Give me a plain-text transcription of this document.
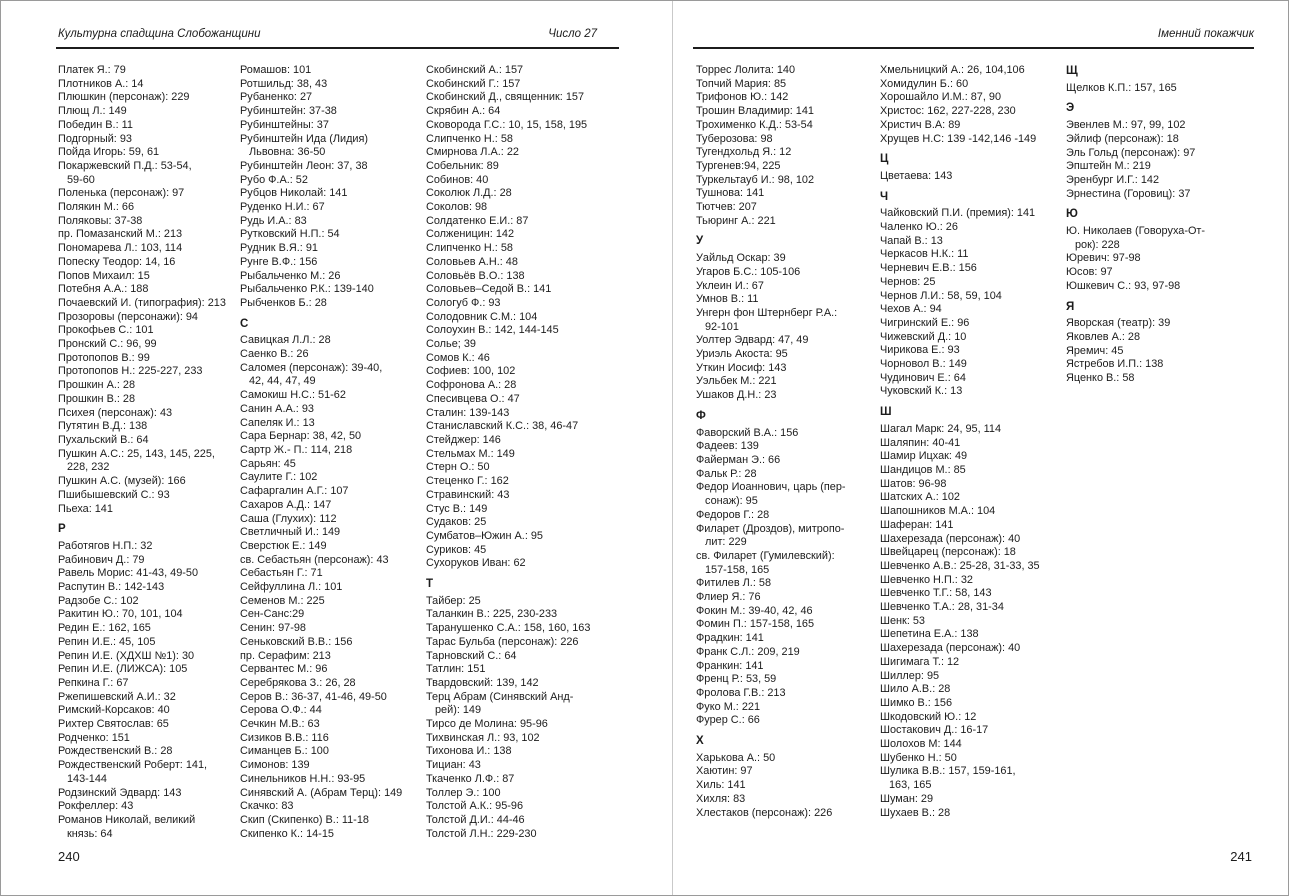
Культурна спадщина Слобожанщини	Число 27	Іменний покажчик
Платек Я.: 79
Плотников А.: 14
Плюшкин (персонаж): 229
Плющ Л.: 149
Победин В.: 11
Подгорный: 93
Пойда Игорь: 59, 61
Покаржевский П.Д.: 53-54,
59-60
Поленька (персонаж): 97
Полякин М.: 66
Поляковы: 37-38
пр. Помазанский М.: 213
Пономарева Л.: 103, 114
Попеску Теодор: 14, 16
Попов Михаил: 15
Потебня А.А.: 188
Почаевский И. (типография): 213
Прозоровы (персонажи): 94
Прокофьев С.: 101
Пронский С.: 96, 99
Протопопов В.: 99
Протопопов Н.: 225-227, 233
Прошкин А.: 28
Прошкин В.: 28
Психея (персонаж): 43
Путятин В.Д.: 138
Пухальский В.: 64
Пушкин А.С.: 25, 143, 145, 225,
228, 232
Пушкин А.С. (музей): 166
Пшибышевский С.: 93
Пьеха: 141
Р
Работягов Н.П.: 32
Рабинович Д.: 79
Равель Морис: 41-43, 49-50
Распутин В.: 142-143
Радзобе С.: 102
Ракитин Ю.: 70, 101, 104
Редин Е.: 162, 165
Репин И.Е.: 45, 105
Репин И.Е. (ХДХШ №1): 30
Репин И.Е. (ЛИЖСА): 105
Репкина Г.: 67
Ржепишевский А.И.: 32
Римский-Корсаков: 40
Рихтер Святослав: 65
Родченко: 151
Рождественский В.: 28
Рождественский Роберт: 141,
143-144
Родзинский Эдвард: 143
Рокфеллер: 43
Романов Николай, великий
князь: 64
Ромашов: 101
Ротшильд: 38, 43
Рубаненко: 27
Рубинштейн: 37-38
Рубинштейны: 37
Рубинштейн Ида (Лидия)
Львовна: 36-50
Рубинштейн Леон: 37, 38
Рубо Ф.А.: 52
Рубцов Николай: 141
Руденко Н.И.: 67
Рудь И.А.: 83
Рутковский Н.П.: 54
Рудник В.Я.: 91
Рунге В.Ф.: 156
Рыбальченко М.: 26
Рыбальченко Р.К.: 139-140
Рыбченков Б.: 28
С
Савицкая Л.Л.: 28
Саенко В.: 26
Саломея (персонаж): 39-40,
42, 44, 47, 49
Самокиш Н.С.: 51-62
Санин А.А.: 93
Сапеляк И.: 13
Сара Бернар: 38, 42, 50
Сартр Ж.- П.: 114, 218
Сарьян: 45
Саулите Г.: 102
Сафаргалин А.Г.: 107
Сахаров А.Д.: 147
Саша (Глухих): 112
Светличный И.: 149
Сверстюк Е.: 149
св. Себастьян (персонаж): 43
Себастьян Г.: 71
Сейфуллина Л.: 101
Семенов М.: 225
Сен-Санс:29
Сенин: 97-98
Сеньковский В.В.: 156
пр. Серафим: 213
Сервантес М.: 96
Серебрякова З.: 26, 28
Серов В.: 36-37, 41-46, 49-50
Серова О.Ф.: 44
Сечкин М.В.: 63
Сизиков В.В.: 116
Симанцев Б.: 100
Симонов: 139
Синельников Н.Н.: 93-95
Синявский А. (Абрам Терц): 149
Скачко: 83
Скип (Скипенко) В.: 11-18
Скипенко К.: 14-15
Скобинский А.: 157
Скобинский Г.: 157
Скобинский Д., священник: 157
Скрябин А.: 64
Сковорода Г.С.: 10, 15, 158, 195
Слипченко Н.: 58
Смирнова Л.А.: 22
Собельник: 89
Собинов: 40
Соколюк Л.Д.: 28
Соколов: 98
Солдатенко Е.И.: 87
Солженицин: 142
Слипченко Н.: 58
Соловьев А.Н.: 48
Соловьёв В.О.: 138
Соловьев–Седой В.: 141
Сологуб Ф.: 93
Солодовник С.М.: 104
Солоухин В.: 142, 144-145
Солье; 39
Сомов К.: 46
Софиев: 100, 102
Софронова А.: 28
Спесивцева О.: 47
Сталин: 139-143
Станиславский К.С.: 38, 46-47
Стейджер: 146
Стельмах М.: 149
Стерн О.: 50
Стеценко Г.: 162
Стравинский: 43
Стус В.: 149
Судаков: 25
Сумбатов–Южин А.: 95
Суриков: 45
Сухоруков Иван: 62
Т
Тайбер: 25
Таланкин В.: 225, 230-233
Таранушенко С.А.: 158, 160, 163
Тарас Бульба (персонаж): 226
Тарновский С.: 64
Татлин: 151
Твардовский: 139, 142
Терц Абрам (Синявский Анд-
рей): 149
Тирсо де Молина: 95-96
Тихвинская Л.: 93, 102
Тихонова И.: 138
Тициан: 43
Ткаченко Л.Ф.: 87
Толлер Э.: 100
Толстой А.К.: 95-96
Толстой Д.И.: 44-46
Толстой Л.Н.: 229-230
Торрес Лолита: 140
Топчий Мария: 85
Трифонов Ю.: 142
Трошин Владимир: 141
Трохименко К.Д.: 53-54
Туберозова: 98
Тугендхольд Я.: 12
Тургенев:94, 225
Туркельтауб И.: 98, 102
Тушнова: 141
Тютчев: 207
Тьюринг А.: 221
У
Уайльд Оскар: 39
Угаров Б.С.: 105-106
Уклеин И.: 67
Умнов В.: 11
Унгерн фон Штернберг Р.А.:
92-101
Уолтер Эдвард: 47, 49
Уриэль Акоста: 95
Уткин Иосиф: 143
Уэльбек М.: 221
Ушаков Д.Н.: 23
Ф
Фаворский В.А.: 156
Фадеев: 139
Файерман Э.: 66
Фальк Р.: 28
Федор Иоаннович, царь (пер-
сонаж): 95
Федоров Г.: 28
Филарет (Дроздов), митропо-
лит: 229
св. Филарет (Гумилевский):
157-158, 165
Фитилев Л.: 58
Флиер Я.: 76
Фокин М.: 39-40, 42, 46
Фомин П.: 157-158, 165
Фрадкин: 141
Франк С.Л.: 209, 219
Франкин: 141
Френц Р.: 53, 59
Фролова Г.В.: 213
Фуко М.: 221
Фурер С.: 66
Х
Харькова А.: 50
Хаютин: 97
Хиль: 141
Хихля: 83
Хлестаков (персонаж): 226
Хмельницкий А.: 26, 104,106
Хомидулин Б.: 60
Хорошайло И.М.: 87, 90
Христос: 162, 227-228, 230
Христич В.А: 89
Хрущев Н.С: 139 -142,146 -149
Ц
Цветаева: 143
Ч
Чайковский П.И. (премия): 141
Чаленко Ю.: 26
Чапай В.: 13
Черкасов Н.К.: 11
Черневич Е.В.: 156
Чернов: 25
Чернов Л.И.: 58, 59, 104
Чехов А.: 94
Чигринский Е.: 96
Чижевский Д.: 10
Чирикова Е.: 93
Чорновол В.: 149
Чудинович Е.: 64
Чуковский К.: 13
Ш
Шагал Марк: 24, 95, 114
Шаляпин: 40-41
Шамир Ицхак: 49
Шандицов М.: 85
Шатов: 96-98
Шатских А.: 102
Шапошников М.А.: 104
Шаферан: 141
Шахерезада (персонаж): 40
Швейцарец (персонаж): 18
Шевченко А.В.: 25-28, 31-33, 35
Шевченко Н.П.: 32
Шевченко Т.Г.: 58, 143
Шевченко Т.А.: 28, 31-34
Шенк: 53
Шепетина Е.А.: 138
Шахерезада (персонаж): 40
Шигимага Т.: 12
Шиллер: 95
Шило А.В.: 28
Шимко В.: 156
Шкодовский Ю.: 12
Шостакович Д.: 16-17
Шолохов М: 144
Шубенко Н.: 50
Шулика В.В.: 157, 159-161,
163, 165
Шуман: 29
Шухаев В.: 28
Щ
Щелков К.П.: 157, 165
Э
Эвенлев М.: 97, 99, 102
Эйлиф (персонаж): 18
Эль Гольд (персонаж): 97
Эпштейн М.: 219
Эренбург И.Г.: 142
Эрнестина (Горовиц): 37
Ю
Ю. Николаев (Говоруха-От-
рок): 228
Юревич: 97-98
Юсов: 97
Юшкевич С.: 93, 97-98
Я
Яворская (театр): 39
Яковлев А.: 28
Яремич: 45
Ястребов И.П.: 138
Яценко В.: 58
240	241
